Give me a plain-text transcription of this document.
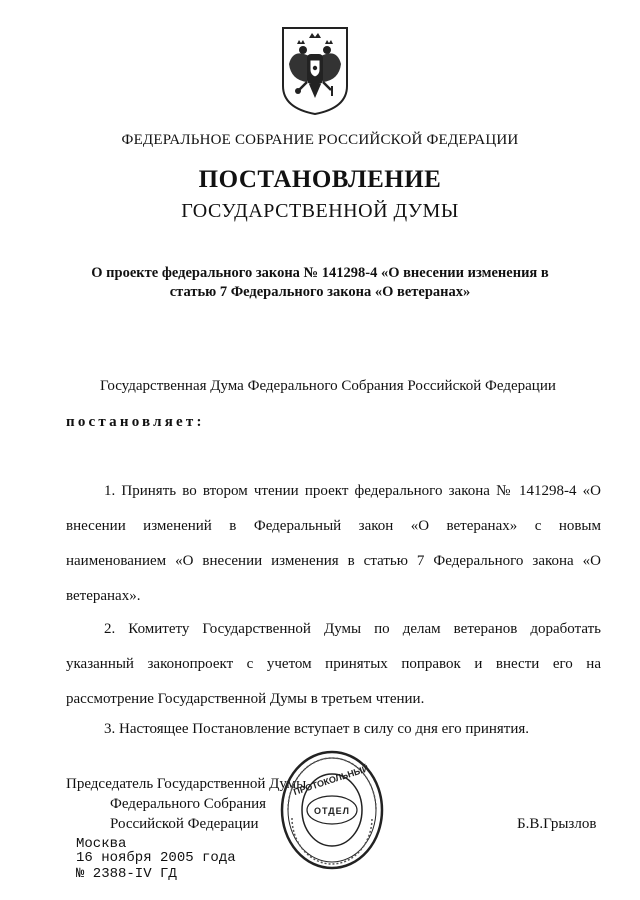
ФЕДЕРАЛЬНОЕ СОБРАНИЕ РОССИЙСКОЙ ФЕДЕРАЦИИ
ПОСТАНОВЛЕНИЕ
ГОСУДАРСТВЕННОЙ ДУМЫ
О проекте федерального закона № 141298-4 «О внесении изменения в
статью 7 Федерального закона «О ветеранах»
Государственная Дума Федерального Собрания Российской Федерации
постановляет:
1. Принять во втором чтении проект федерального закона № 141298-4 «О
внесении изменений в Федеральный закон «О ветеранах» с новым
наименованием «О внесении изменения в статью 7 Федерального закона «О
ветеранах».
2. Комитету Государственной Думы по делам ветеранов доработать
указанный законопроект с учетом принятых поправок и внести его на
рассмотрение Государственной Думы в третьем чтении.
3. Настоящее Постановление вступает в силу со дня его принятия.
Председатель Государственной Думы
Федерального Собрания
Российской Федерации	Б.В.Грызлов
ПРОТОКОЛЬНЫЙ
ОТДЕЛ
Москва
16 ноября 2005 года
№ 2388-IV ГД
